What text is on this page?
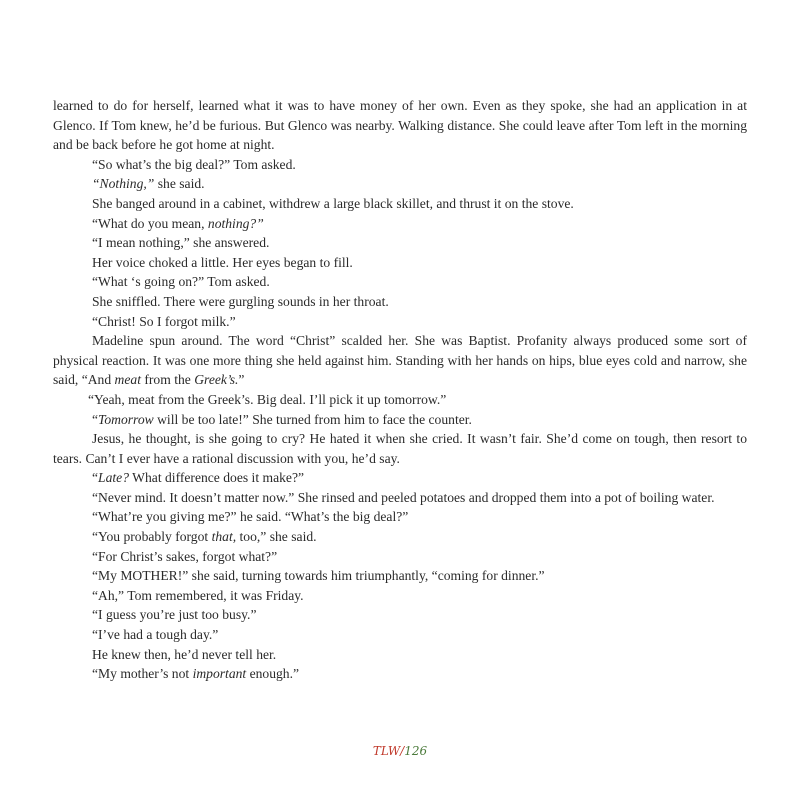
learned to do for herself, learned what it was to have money of her own. Even as they spoke, she had an application in at Glenco. If Tom knew, he’d be furious. But Glenco was nearby. Walking distance. She could leave after Tom left in the morning and be back before he got home at night.

“So what’s the big deal?” Tom asked.

“Nothing,” she said.

She banged around in a cabinet, withdrew a large black skillet, and thrust it on the stove.

“What do you mean, nothing?”

“I mean nothing,” she answered.

Her voice choked a little. Her eyes began to fill.

“What ‘s going on?” Tom asked.

She sniffled. There were gurgling sounds in her throat.

“Christ! So I forgot milk.”

Madeline spun around. The word “Christ” scalded her. She was Baptist. Profanity always produced some sort of physical reaction. It was one more thing she held against him. Standing with her hands on hips, blue eyes cold and narrow, she said, “And meat from the Greek’s.”

“Yeah, meat from the Greek’s. Big deal. I’ll pick it up tomorrow.”

“Tomorrow will be too late!” She turned from him to face the counter.

Jesus, he thought, is she going to cry? He hated it when she cried. It wasn’t fair. She’d come on tough, then resort to tears. Can’t I ever have a rational discussion with you, he’d say.

“Late? What difference does it make?”

“Never mind. It doesn’t matter now.” She rinsed and peeled potatoes and dropped them into a pot of boiling water.

“What’re you giving me?” he said. “What’s the big deal?”

“You probably forgot that, too,” she said.

“For Christ’s sakes, forgot what?”

“My MOTHER!” she said, turning towards him triumphantly, “coming for dinner.”

“Ah,” Tom remembered, it was Friday.

“I guess you’re just too busy.”

“I’ve had a tough day.”

He knew then, he’d never tell her.

“My mother’s not important enough.”

TLW/126
